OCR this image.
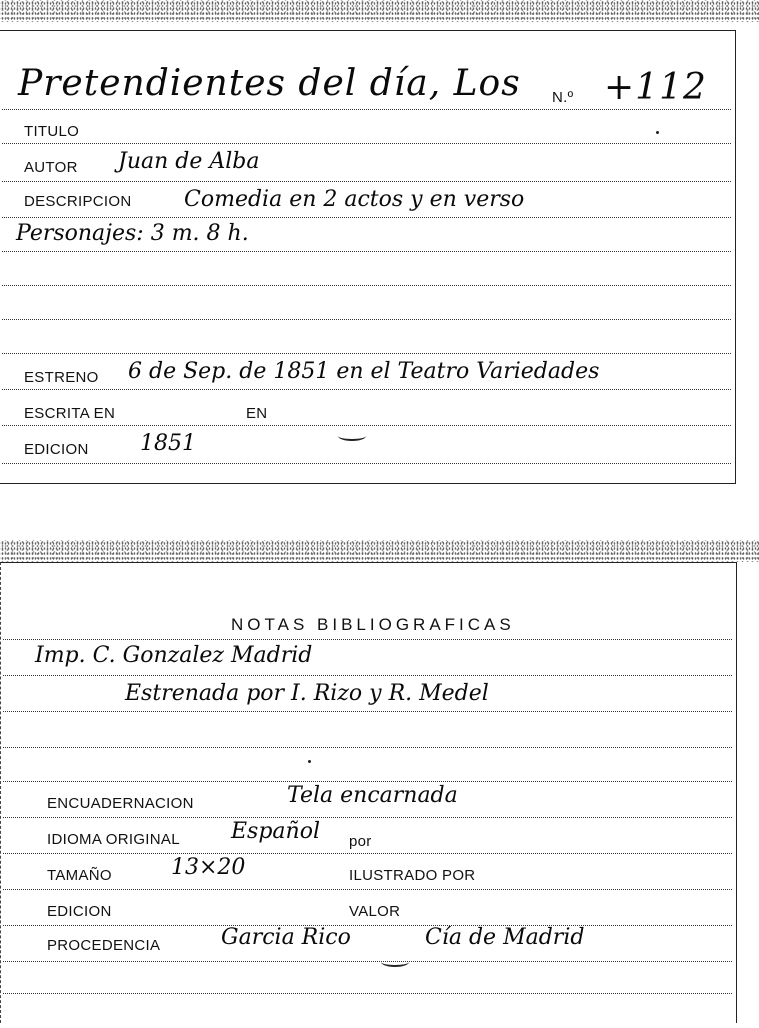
Pretendientes del día, Los N.º +112
TITULO
AUTOR Juan de Alba
DESCRIPCION Comedia en 2 actos y en verso
Personajes: 3 m. 8 h.
ESTRENO 6 de Sep. de 1851 en el Teatro Variedades
ESCRITA EN	EN
EDICION 1851
NOTAS BIBLIOGRAFICAS
Imp. C. Gonzalez Madrid
Estrenada por I. Rizo y R. Medel
ENCUADERNACION	Tela encarnada
IDIOMA ORIGINAL Español por
TAMAÑO	13×20	ILUSTRADO POR
EDICION	VALOR
PROCEDENCIA	Garcia Rico	Cía de Madrid
